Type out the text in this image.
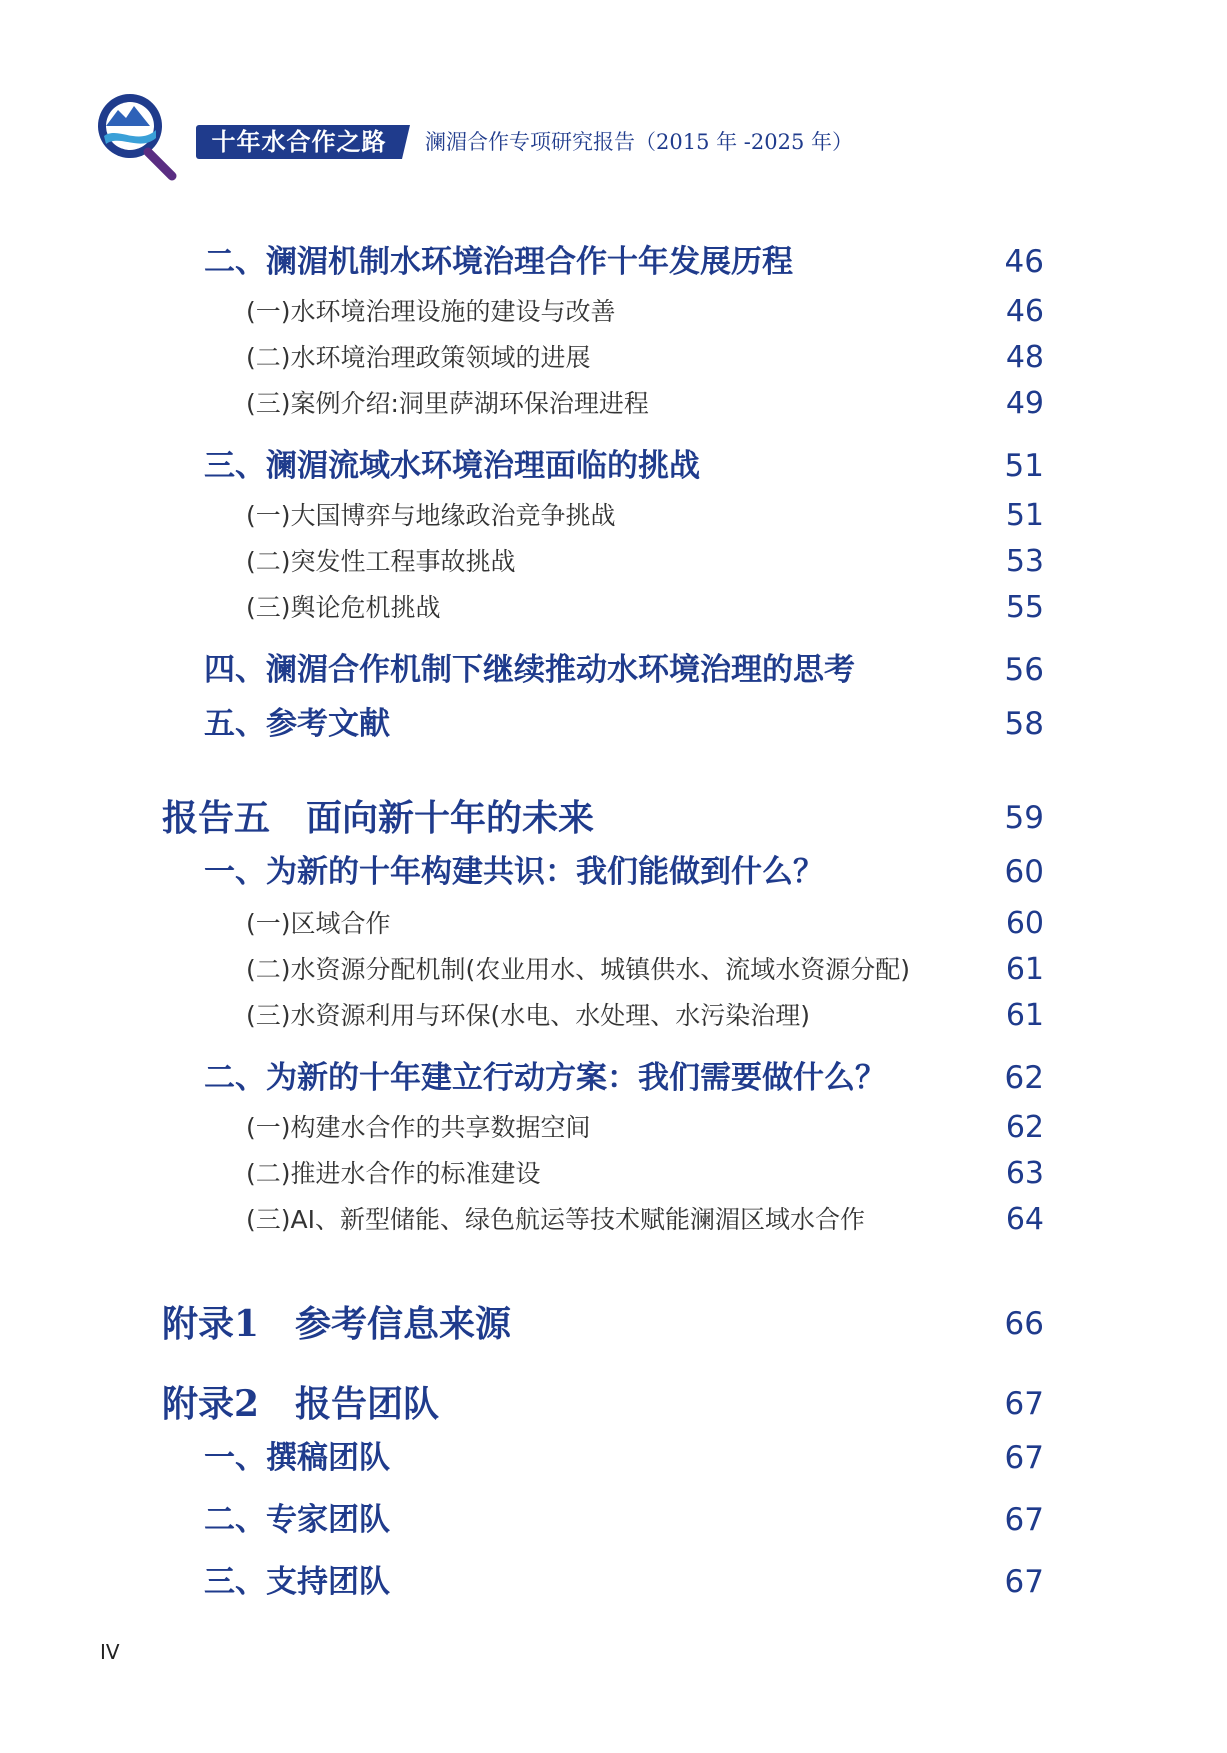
十年水合作之路	澜湄合作专项研究报告（2015 年 -2025 年）
二、澜湄机制水环境治理合作十年发展历程	46
(一)水环境治理设施的建设与改善	46
(二)水环境治理政策领域的进展	48
(三)案例介绍:洞里萨湖环保治理进程	49
三、澜湄流域水环境治理面临的挑战	51
(一)大国博弈与地缘政治竞争挑战	51
(二)突发性工程事故挑战	53
(三)舆论危机挑战	55
四、澜湄合作机制下继续推动水环境治理的思考	56
五、参考文献	58
报告五　面向新十年的未来	59
一、为新的十年构建共识：我们能做到什么？	60
(一)区域合作	60
(二)水资源分配机制(农业用水、城镇供水、流域水资源分配)	61
(三)水资源利用与环保(水电、水处理、水污染治理)	61
二、为新的十年建立行动方案：我们需要做什么？	62
(一)构建水合作的共享数据空间	62
(二)推进水合作的标准建设	63
(三)AI、新型储能、绿色航运等技术赋能澜湄区域水合作	64
附录1　参考信息来源	66
附录2　报告团队	67
一、撰稿团队	67
二、专家团队	67
三、支持团队	67
IV
